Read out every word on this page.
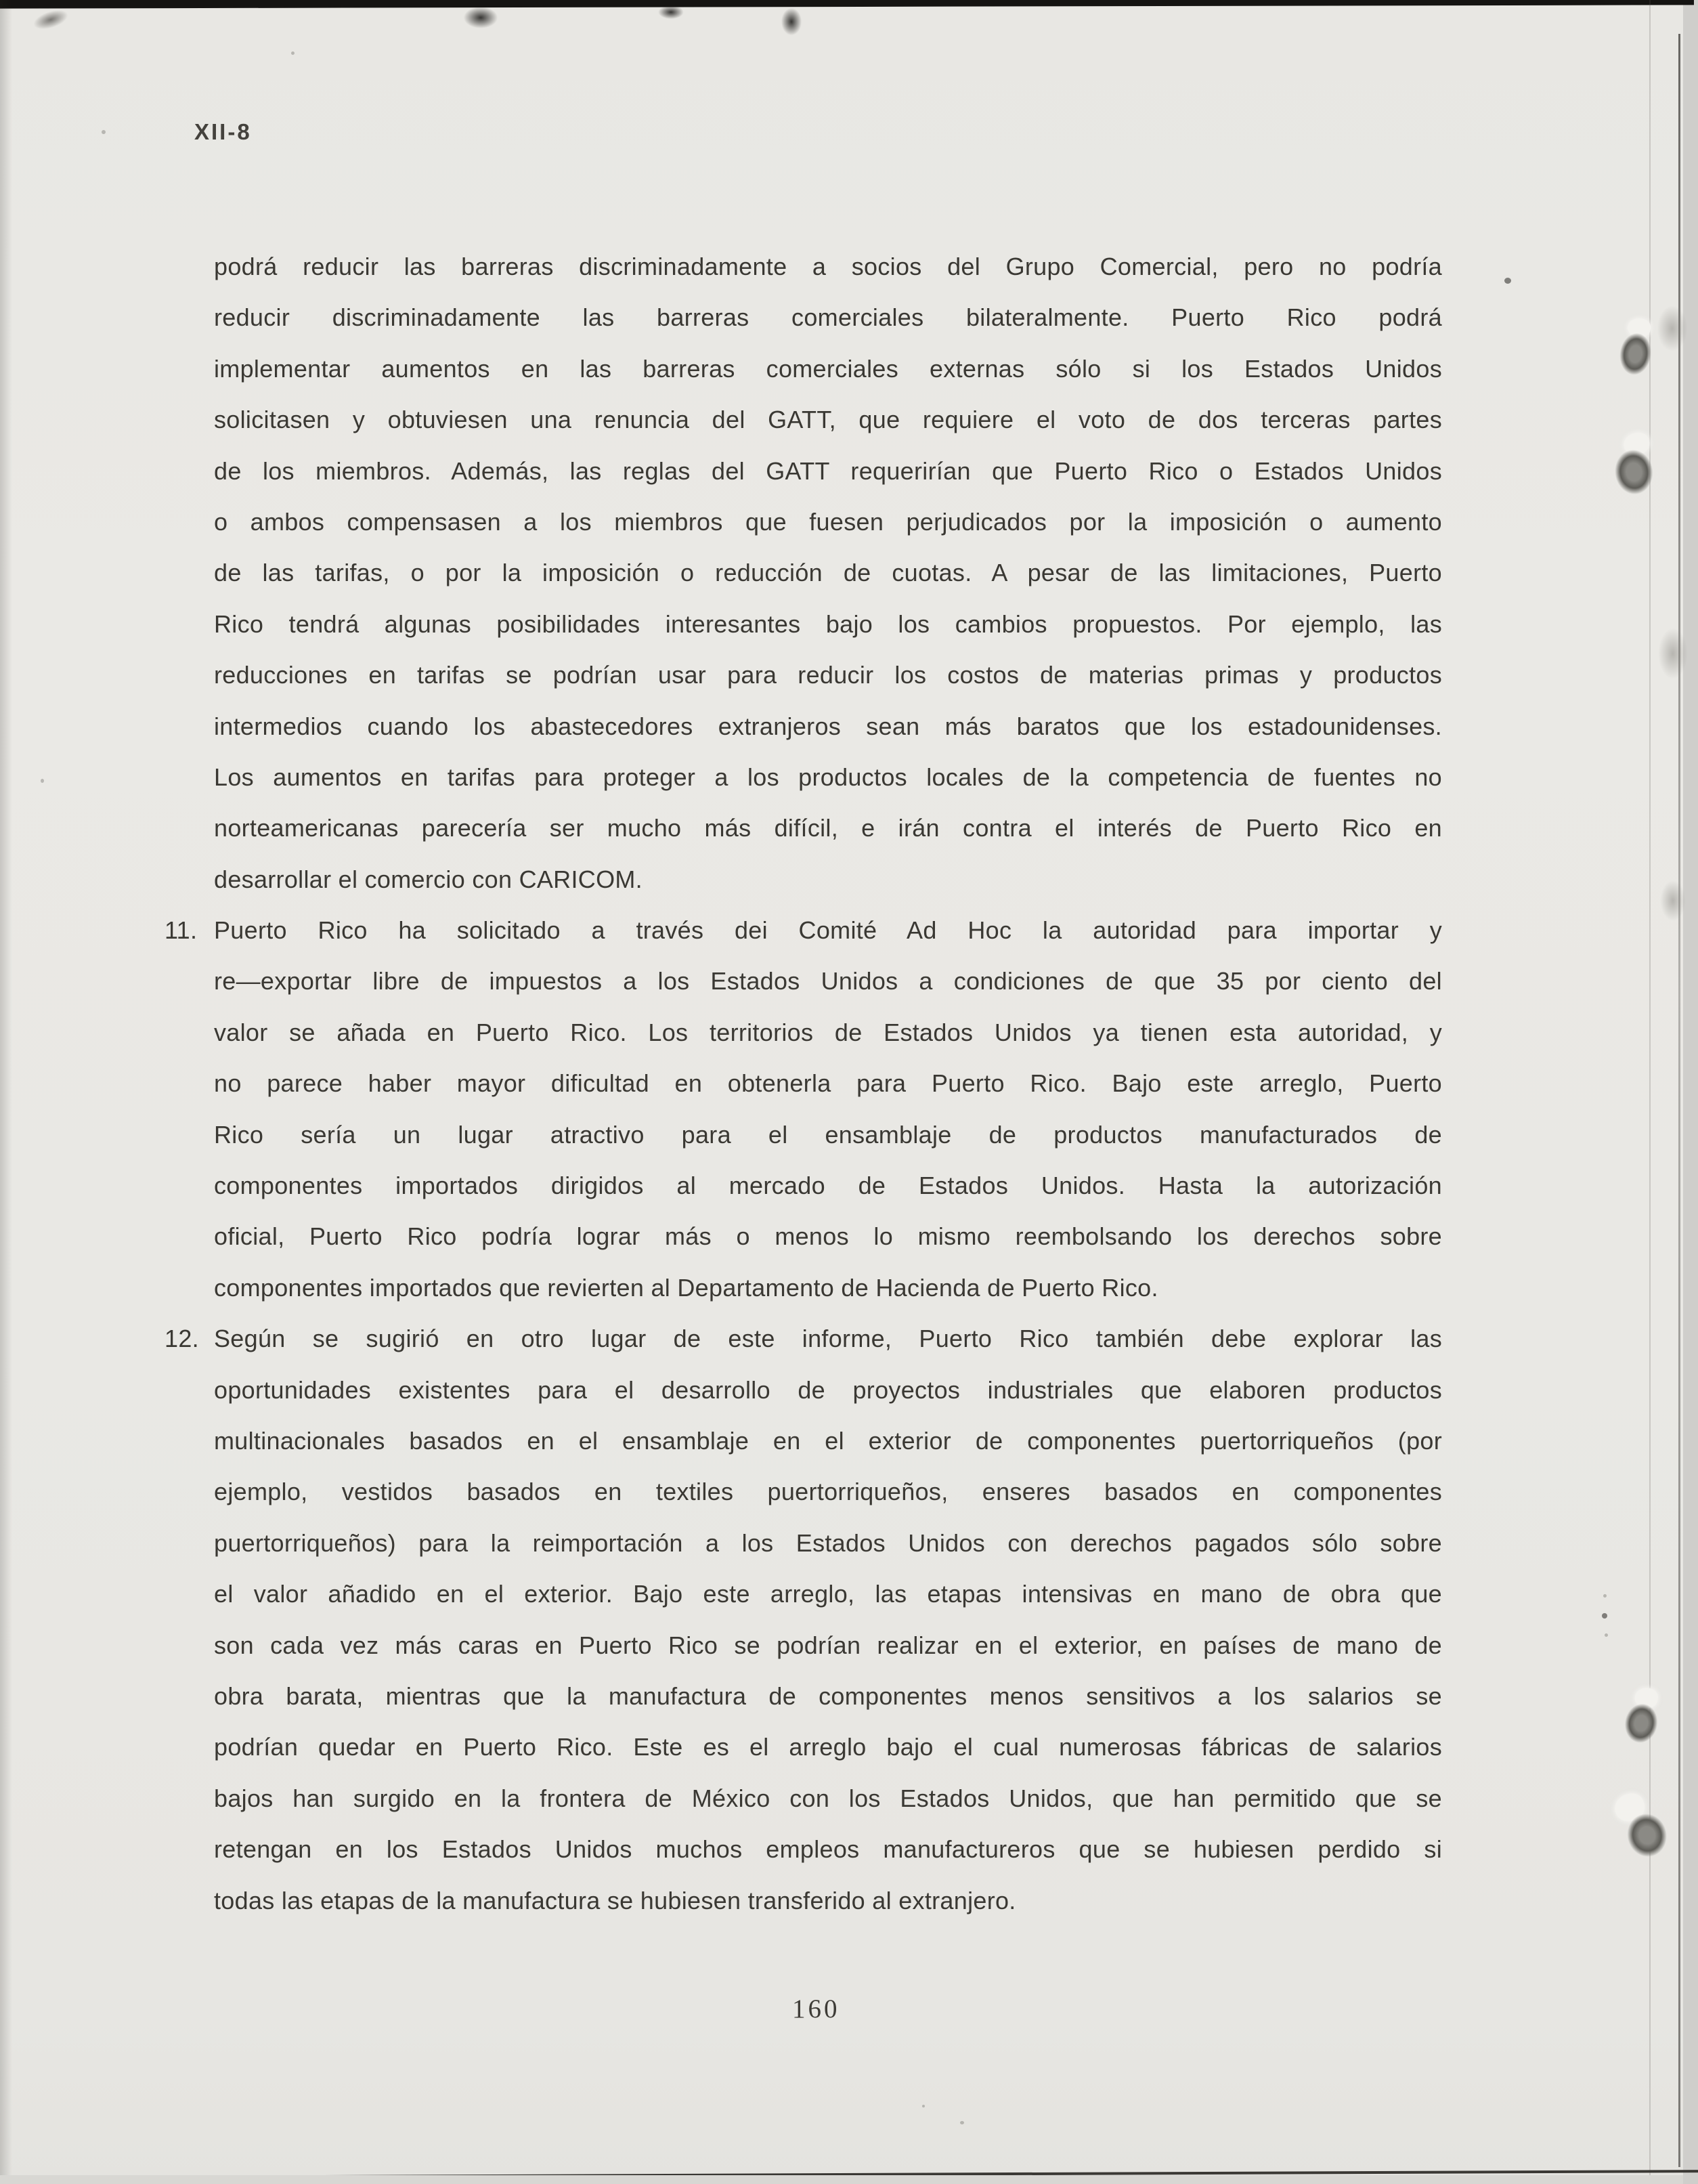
XII-8
podrá reducir las barreras discriminadamente a socios del Grupo Comercial, pero no podría
reducir discriminadamente las barreras comerciales bilateralmente. Puerto Rico podrá
implementar aumentos en las barreras comerciales externas sólo si los Estados Unidos
solicitasen y obtuviesen una renuncia del GATT, que requiere el voto de dos terceras partes
de los miembros. Además, las reglas del GATT requerirían que Puerto Rico o Estados Unidos
o ambos compensasen a los miembros que fuesen perjudicados por la imposición o aumento
de las tarifas, o por la imposición o reducción de cuotas. A pesar de las limitaciones, Puerto
Rico tendrá algunas posibilidades interesantes bajo los cambios propuestos. Por ejemplo, las
reducciones en tarifas se podrían usar para reducir los costos de materias primas y productos
intermedios cuando los abastecedores extranjeros sean más baratos que los estadounidenses.
Los aumentos en tarifas para proteger a los productos locales de la competencia de fuentes no
norteamericanas parecería ser mucho más difícil, e irán contra el interés de Puerto Rico en
desarrollar el comercio con CARICOM.
11. Puerto Rico ha solicitado a través dei Comité Ad Hoc la autoridad para importar y
re—exportar libre de impuestos a los Estados Unidos a condiciones de que 35 por ciento del
valor se añada en Puerto Rico. Los territorios de Estados Unidos ya tienen esta autoridad, y
no parece haber mayor dificultad en obtenerla para Puerto Rico. Bajo este arreglo, Puerto
Rico sería un lugar atractivo para el ensamblaje de productos manufacturados de
componentes importados dirigidos al mercado de Estados Unidos. Hasta la autorización
oficial, Puerto Rico podría lograr más o menos lo mismo reembolsando los derechos sobre
componentes importados que revierten al Departamento de Hacienda de Puerto Rico.
12. Según se sugirió en otro lugar de este informe, Puerto Rico también debe explorar las
oportunidades existentes para el desarrollo de proyectos industriales que elaboren productos
multinacionales basados en el ensamblaje en el exterior de componentes puertorriqueños (por
ejemplo, vestidos basados en textiles puertorriqueños, enseres basados en componentes
puertorriqueños) para la reimportación a los Estados Unidos con derechos pagados sólo sobre
el valor añadido en el exterior. Bajo este arreglo, las etapas intensivas en mano de obra que
son cada vez más caras en Puerto Rico se podrían realizar en el exterior, en países de mano de
obra barata, mientras que la manufactura de componentes menos sensitivos a los salarios se
podrían quedar en Puerto Rico. Este es el arreglo bajo el cual numerosas fábricas de salarios
bajos han surgido en la frontera de México con los Estados Unidos, que han permitido que se
retengan en los Estados Unidos muchos empleos manufactureros que se hubiesen perdido si
todas las etapas de la manufactura se hubiesen transferido al extranjero.
160
